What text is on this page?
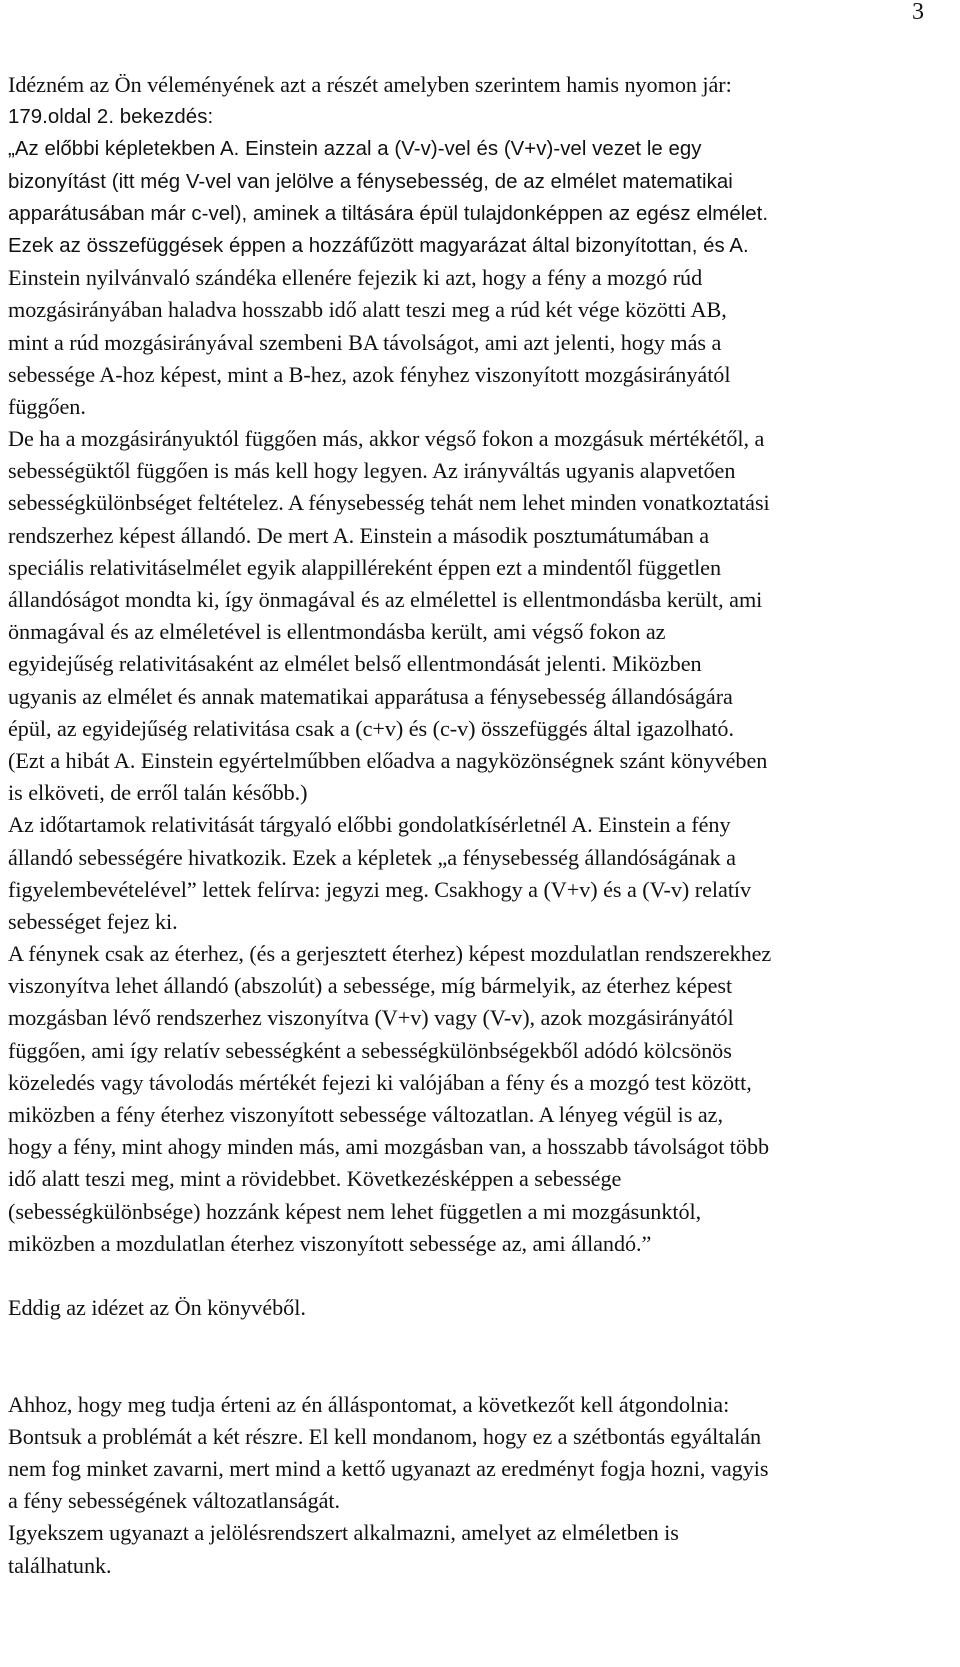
3
Idézném az Ön véleményének azt a részét amelyben szerintem hamis nyomon jár:
179.oldal 2. bekezdés:
„Az előbbi képletekben A. Einstein azzal a (V-v)-vel és (V+v)-vel vezet le egy
bizonyítást (itt még V-vel van jelölve a fénysebesség, de az elmélet matematikai
apparátusában már c-vel), aminek a tiltására épül tulajdonképpen az egész elmélet.
Ezek az összefüggések éppen a hozzáfűzött magyarázat által bizonyítottan, és A.
Einstein nyilvánvaló szándéka ellenére fejezik ki azt, hogy a fény a mozgó rúd
mozgásirányában haladva hosszabb idő alatt teszi meg a rúd két vége közötti AB,
mint a rúd mozgásirányával szembeni BA távolságot, ami azt jelenti, hogy más a
sebessége A-hoz képest, mint a B-hez, azok fényhez viszonyított mozgásirányától
függően.
De ha a mozgásirányuktól függően más, akkor végső fokon a mozgásuk mértékétől, a
sebességüktől függően is más kell hogy legyen. Az irányváltás ugyanis alapvetően
sebességkülönbséget feltételez. A fénysebesség tehát nem lehet minden vonatkoztatási
rendszerhez képest állandó. De mert A. Einstein a második posztumátumában a
speciális relativitáselmélet egyik alappilléreként éppen ezt a mindentől független
állandóságot mondta ki, így önmagával és az elmélettel is ellentmondásba került, ami
önmagával és az elméletével is ellentmondásba került, ami végső fokon az
egyidejűség relativitásaként az elmélet belső ellentmondását jelenti. Miközben
ugyanis az elmélet és annak matematikai apparátusa a fénysebesség állandóságára
épül, az egyidejűség relativitása csak a (c+v) és (c-v) összefüggés által igazolható.
(Ezt a hibát A. Einstein egyértelműbben előadva a nagyközönségnek szánt könyvében
is elköveti, de erről talán később.)
Az időtartamok relativitását tárgyaló előbbi gondolatkísérletnél A. Einstein a fény
állandó sebességére hivatkozik. Ezek a képletek „a fénysebesség állandóságának a
figyelembevételével” lettek felírva: jegyzi meg. Csakhogy a (V+v) és a (V-v) relatív
sebességet fejez ki.
A fénynek csak az éterhez, (és a gerjesztett éterhez) képest mozdulatlan rendszerekhez
viszonyítva lehet állandó (abszolút) a sebessége, míg bármelyik, az éterhez képest
mozgásban lévő rendszerhez viszonyítva (V+v) vagy (V-v), azok mozgásirányától
függően, ami így relatív sebességként a sebességkülönbségekből adódó kölcsönös
közeledés vagy távolodás mértékét fejezi ki valójában a fény és a mozgó test között,
miközben a fény éterhez viszonyított sebessége változatlan. A lényeg végül is az,
hogy a fény, mint ahogy minden más, ami mozgásban van, a hosszabb távolságot több
idő alatt teszi meg, mint a rövidebbet. Következésképpen a sebessége
(sebességkülönbsége) hozzánk képest nem lehet független a mi mozgásunktól,
miközben a mozdulatlan éterhez viszonyított sebessége az, ami állandó.”
Eddig az idézet az Ön könyvéből.
Ahhoz, hogy meg tudja érteni az én álláspontomat, a következőt kell átgondolnia:
Bontsuk a problémát a két részre. El kell mondanom, hogy ez a szétbontás egyáltalán
nem fog minket zavarni, mert mind a kettő ugyanazt az eredményt fogja hozni, vagyis
a fény sebességének változatlanságát.
Igyekszem ugyanazt a jelölésrendszert alkalmazni, amelyet az elméletben is
találhatunk.
